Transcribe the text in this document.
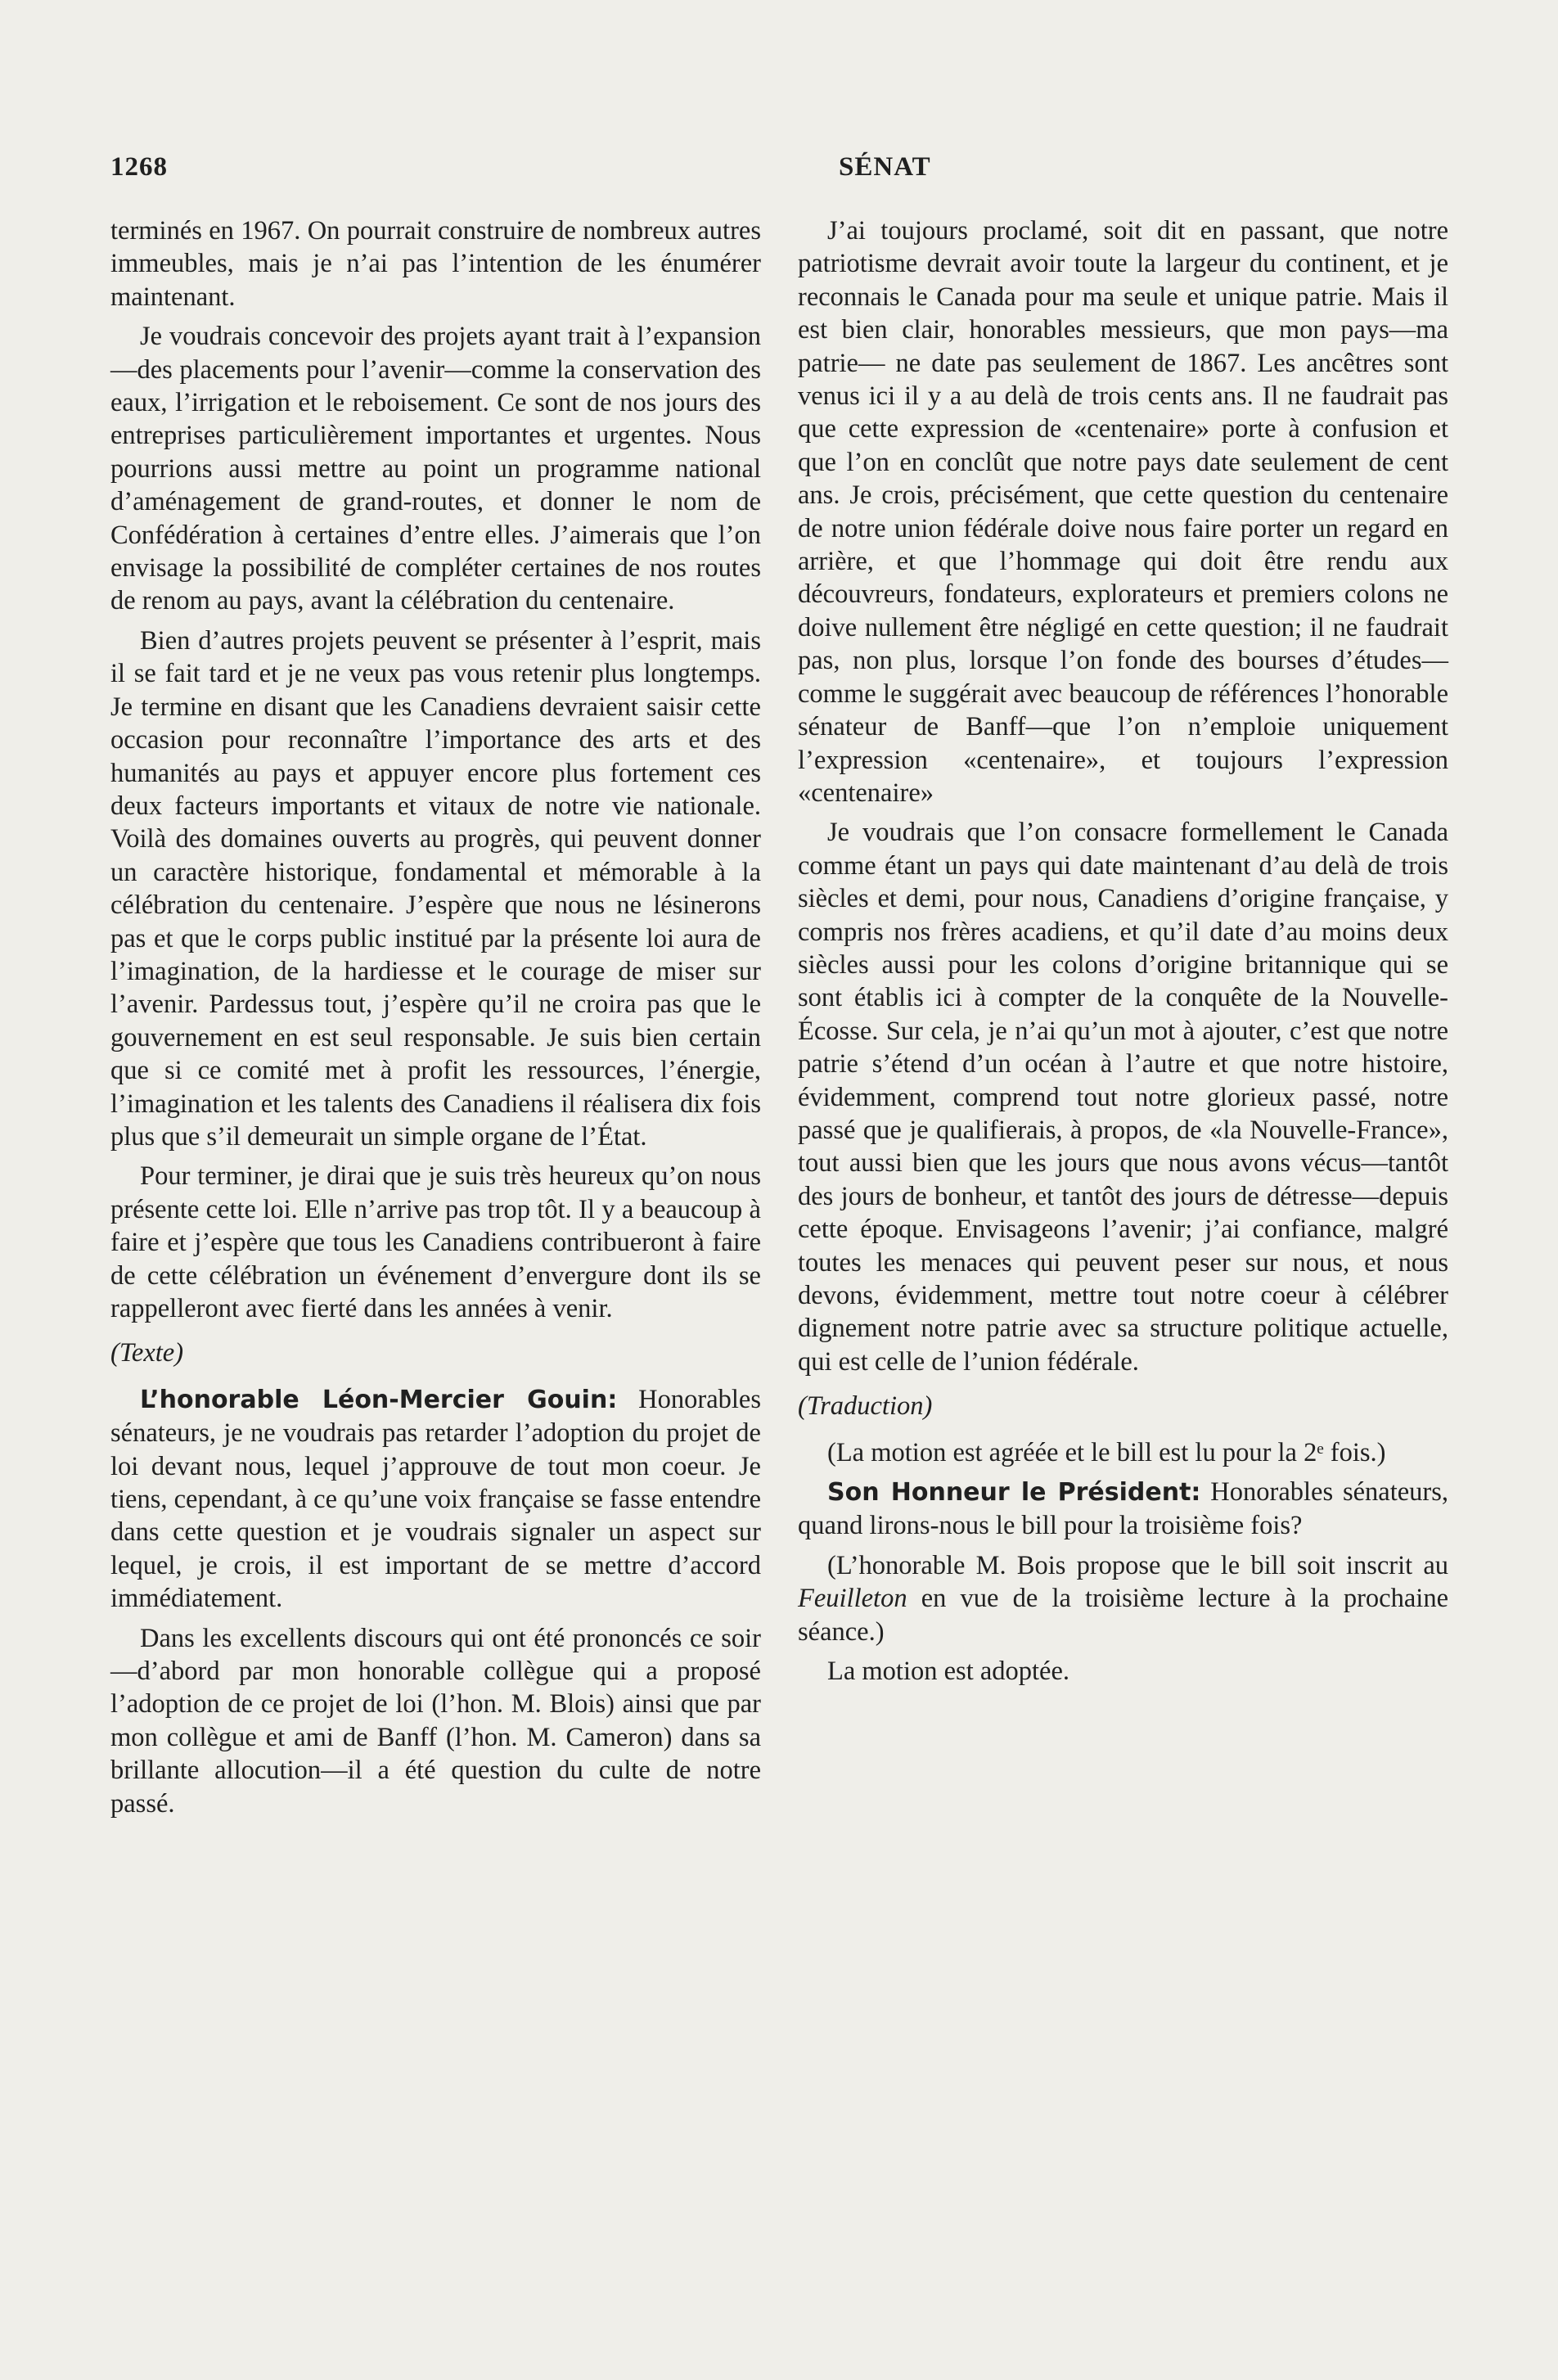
1268	SÉNAT

terminés en 1967. On pourrait construire de nombreux autres immeubles, mais je n’ai pas l’intention de les énumérer maintenant.

Je voudrais concevoir des projets ayant trait à l’expansion—des placements pour l’avenir—comme la conservation des eaux, l’irrigation et le reboisement. Ce sont de nos jours des entreprises particulièrement importantes et urgentes. Nous pourrions aussi mettre au point un programme national d’aménagement de grand-routes, et donner le nom de Confédération à certaines d’entre elles. J’aimerais que l’on envisage la possibilité de compléter certaines de nos routes de renom au pays, avant la célébration du centenaire.

Bien d’autres projets peuvent se présenter à l’esprit, mais il se fait tard et je ne veux pas vous retenir plus longtemps. Je termine en disant que les Canadiens devraient saisir cette occasion pour reconnaître l’importance des arts et des humanités au pays et appuyer encore plus fortement ces deux facteurs importants et vitaux de notre vie nationale. Voilà des domaines ouverts au progrès, qui peuvent donner un caractère historique, fondamental et mémorable à la célébration du centenaire. J’espère que nous ne lésinerons pas et que le corps public institué par la présente loi aura de l’imagination, de la hardiesse et le courage de miser sur l’avenir. Pardessus tout, j’espère qu’il ne croira pas que le gouvernement en est seul responsable. Je suis bien certain que si ce comité met à profit les ressources, l’énergie, l’imagination et les talents des Canadiens il réalisera dix fois plus que s’il demeurait un simple organe de l’État.

Pour terminer, je dirai que je suis très heureux qu’on nous présente cette loi. Elle n’arrive pas trop tôt. Il y a beaucoup à faire et j’espère que tous les Canadiens contribueront à faire de cette célébration un événement d’envergure dont ils se rappelleront avec fierté dans les années à venir.

(Texte)

L’honorable Léon-Mercier Gouin: Honorables sénateurs, je ne voudrais pas retarder l’adoption du projet de loi devant nous, lequel j’approuve de tout mon coeur. Je tiens, cependant, à ce qu’une voix française se fasse entendre dans cette question et je voudrais signaler un aspect sur lequel, je crois, il est important de se mettre d’accord immédiatement.

Dans les excellents discours qui ont été prononcés ce soir—d’abord par mon honorable collègue qui a proposé l’adoption de ce projet de loi (l’hon. M. Blois) ainsi que par mon collègue et ami de Banff (l’hon. M. Cameron) dans sa brillante allocution—il a été question du culte de notre passé.

J’ai toujours proclamé, soit dit en passant, que notre patriotisme devrait avoir toute la largeur du continent, et je reconnais le Canada pour ma seule et unique patrie. Mais il est bien clair, honorables messieurs, que mon pays—ma patrie— ne date pas seulement de 1867. Les ancêtres sont venus ici il y a au delà de trois cents ans. Il ne faudrait pas que cette expression de «centenaire» porte à confusion et que l’on en conclût que notre pays date seulement de cent ans. Je crois, précisément, que cette question du centenaire de notre union fédérale doive nous faire porter un regard en arrière, et que l’hommage qui doit être rendu aux découvreurs, fondateurs, explorateurs et premiers colons ne doive nullement être négligé en cette question; il ne faudrait pas, non plus, lorsque l’on fonde des bourses d’études—comme le suggérait avec beaucoup de références l’honorable sénateur de Banff—que l’on n’emploie uniquement l’expression «centenaire», et toujours l’expression «centenaire»

Je voudrais que l’on consacre formellement le Canada comme étant un pays qui date maintenant d’au delà de trois siècles et demi, pour nous, Canadiens d’origine française, y compris nos frères acadiens, et qu’il date d’au moins deux siècles aussi pour les colons d’origine britannique qui se sont établis ici à compter de la conquête de la Nouvelle-Écosse. Sur cela, je n’ai qu’un mot à ajouter, c’est que notre patrie s’étend d’un océan à l’autre et que notre histoire, évidemment, comprend tout notre glorieux passé, notre passé que je qualifierais, à propos, de «la Nouvelle-France», tout aussi bien que les jours que nous avons vécus—tantôt des jours de bonheur, et tantôt des jours de détresse—depuis cette époque. Envisageons l’avenir; j’ai confiance, malgré toutes les menaces qui peuvent peser sur nous, et nous devons, évidemment, mettre tout notre coeur à célébrer dignement notre patrie avec sa structure politique actuelle, qui est celle de l’union fédérale.

(Traduction)

(La motion est agréée et le bill est lu pour la 2ᵉ fois.)

Son Honneur le Président: Honorables sénateurs, quand lirons-nous le bill pour la troisième fois?

(L’honorable M. Bois propose que le bill soit inscrit au Feuilleton en vue de la troisième lecture à la prochaine séance.)

La motion est adoptée.
